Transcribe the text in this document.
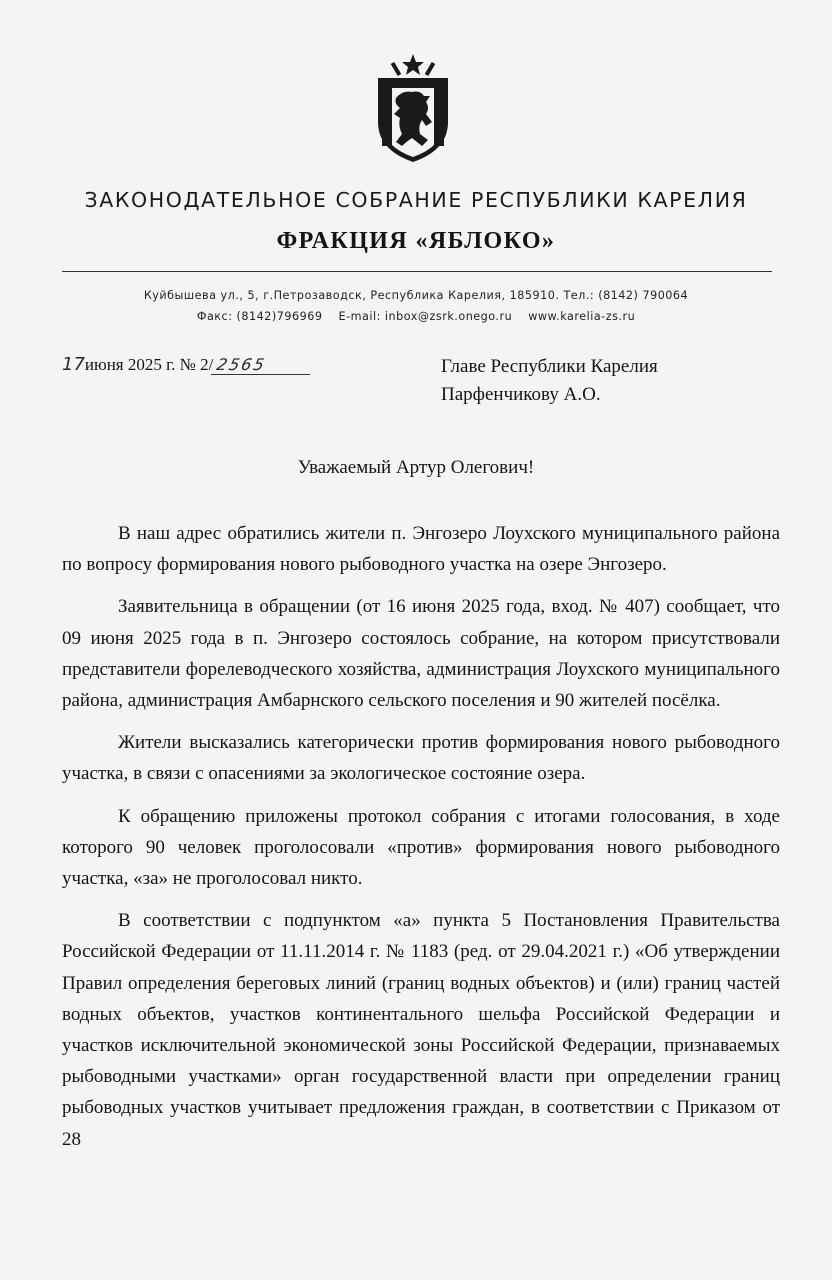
ЗАКОНОДАТЕЛЬНОЕ СОБРАНИЕ РЕСПУБЛИКИ КАРЕЛИЯ
ФРАКЦИЯ «ЯБЛОКО»
Куйбышева ул., 5, г.Петрозаводск, Республика Карелия, 185910. Тел.: (8142) 790064
Факс: (8142)796969 E-mail: inbox@zsrk.onego.ru www.karelia-zs.ru
17июня 2025 г. № 2/ 2565	Главе Республики Карелия
Парфенчикову А.О.
Уважаемый Артур Олегович!

В наш адрес обратились жители п. Энгозеро Лоухского муниципального района по вопросу формирования нового рыбоводного участка на озере Энгозеро.

Заявительница в обращении (от 16 июня 2025 года, вход. № 407) сообщает, что 09 июня 2025 года в п. Энгозеро состоялось собрание, на котором присутствовали представители форелеводческого хозяйства, администрация Лоухского муниципального района, администрация Амбарнского сельского поселения и 90 жителей посёлка.

Жители высказались категорически против формирования нового рыбоводного участка, в связи с опасениями за экологическое состояние озера.

К обращению приложены протокол собрания с итогами голосования, в ходе которого 90 человек проголосовали «против» формирования нового рыбоводного участка, «за» не проголосовал никто.

В соответствии с подпунктом «а» пункта 5 Постановления Правительства Российской Федерации от 11.11.2014 г. № 1183 (ред. от 29.04.2021 г.) «Об утверждении Правил определения береговых линий (границ водных объектов) и (или) границ частей водных объектов, участков континентального шельфа Российской Федерации и участков исключительной экономической зоны Российской Федерации, признаваемых рыбоводными участками» орган государственной власти при определении границ рыбоводных участков учитывает предложения граждан, в соответствии с Приказом от 28
